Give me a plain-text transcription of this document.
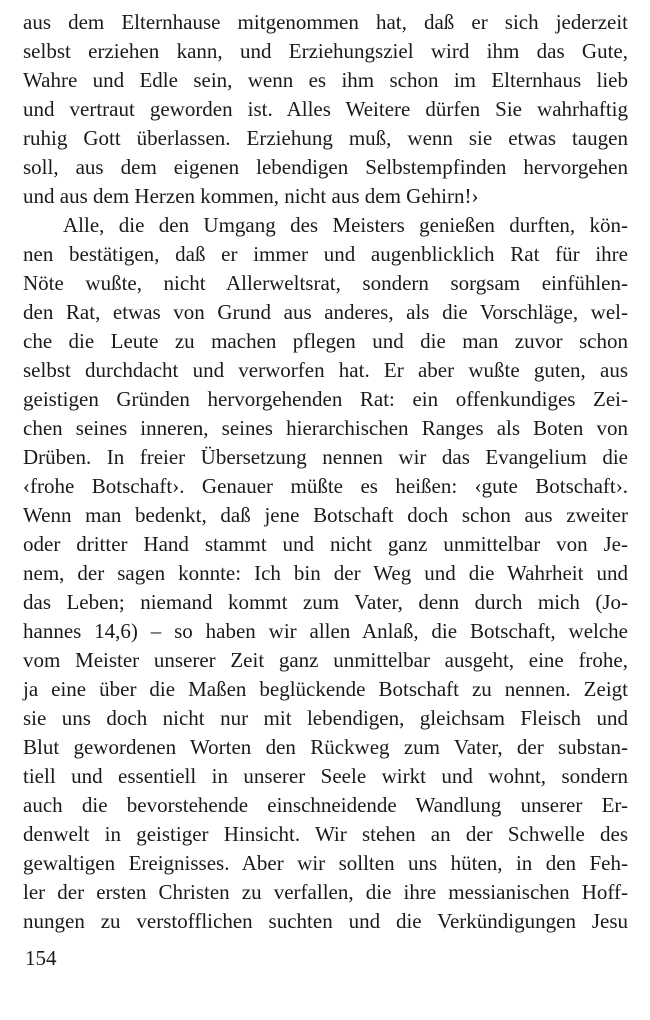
aus dem Elternhause mitgenommen hat, daß er sich jederzeit
selbst erziehen kann, und Erziehungsziel wird ihm das Gute,
Wahre und Edle sein, wenn es ihm schon im Elternhaus lieb
und vertraut geworden ist. Alles Weitere dürfen Sie wahrhaftig
ruhig Gott überlassen. Erziehung muß, wenn sie etwas taugen
soll, aus dem eigenen lebendigen Selbstempfinden hervorgehen
und aus dem Herzen kommen, nicht aus dem Gehirn!›
Alle, die den Umgang des Meisters genießen durften, kön-
nen bestätigen, daß er immer und augenblicklich Rat für ihre
Nöte wußte, nicht Allerweltsrat, sondern sorgsam einfühlen-
den Rat, etwas von Grund aus anderes, als die Vorschläge, wel-
che die Leute zu machen pflegen und die man zuvor schon
selbst durchdacht und verworfen hat. Er aber wußte guten, aus
geistigen Gründen hervorgehenden Rat: ein offenkundiges Zei-
chen seines inneren, seines hierarchischen Ranges als Boten von
Drüben. In freier Übersetzung nennen wir das Evangelium die
‹frohe Botschaft›. Genauer müßte es heißen: ‹gute Botschaft›.
Wenn man bedenkt, daß jene Botschaft doch schon aus zweiter
oder dritter Hand stammt und nicht ganz unmittelbar von Je-
nem, der sagen konnte: Ich bin der Weg und die Wahrheit und
das Leben; niemand kommt zum Vater, denn durch mich (Jo-
hannes 14,6) – so haben wir allen Anlaß, die Botschaft, welche
vom Meister unserer Zeit ganz unmittelbar ausgeht, eine frohe,
ja eine über die Maßen beglückende Botschaft zu nennen. Zeigt
sie uns doch nicht nur mit lebendigen, gleichsam Fleisch und
Blut gewordenen Worten den Rückweg zum Vater, der substan-
tiell und essentiell in unserer Seele wirkt und wohnt, sondern
auch die bevorstehende einschneidende Wandlung unserer Er-
denwelt in geistiger Hinsicht. Wir stehen an der Schwelle des
gewaltigen Ereignisses. Aber wir sollten uns hüten, in den Feh-
ler der ersten Christen zu verfallen, die ihre messianischen Hoff-
nungen zu verstofflichen suchten und die Verkündigungen Jesu
154
